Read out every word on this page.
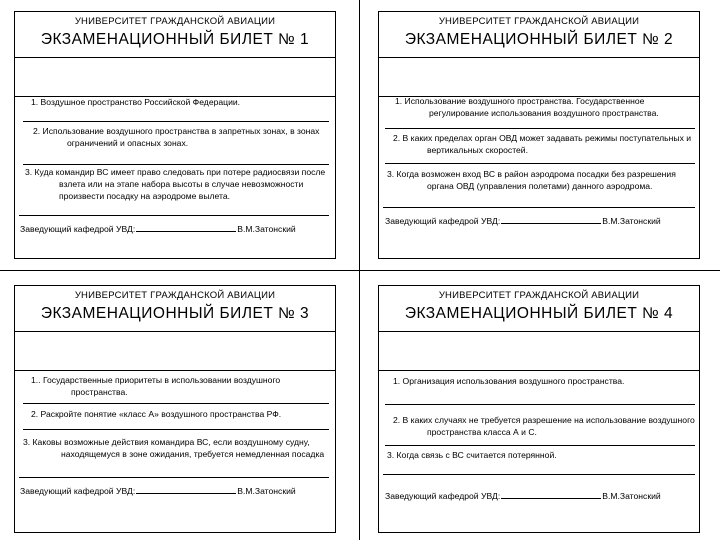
УНИВЕРСИТЕТ ГРАЖДАНСКОЙ АВИАЦИИ
ЭКЗАМЕНАЦИОННЫЙ БИЛЕТ № 1
1. Воздушное пространство Российской Федерации.
2. Использование воздушного пространства в запретных зонах, в зонах ограничений и опасных зонах.
3. Куда командир ВС имеет право следовать при потере радиосвязи после взлета или на этапе набора высоты в случае невозможности произвести посадку на аэродроме вылета.
Заведующий кафедрой УВД:	В.М.Затонский
УНИВЕРСИТЕТ ГРАЖДАНСКОЙ АВИАЦИИ
ЭКЗАМЕНАЦИОННЫЙ БИЛЕТ № 2
1. Использование воздушного пространства. Государственное регулирование использования воздушного пространства.
2. В каких пределах орган ОВД может задавать режимы поступательных и вертикальных скоростей.
3. Когда возможен вход ВС в район аэродрома посадки без разрешения органа ОВД (управления полетами) данного аэродрома.
Заведующий кафедрой УВД:	В.М.Затонский
УНИВЕРСИТЕТ ГРАЖДАНСКОЙ АВИАЦИИ
ЭКЗАМЕНАЦИОННЫЙ БИЛЕТ № 3
1.. Государственные приоритеты в использовании воздушного пространства.
2. Раскройте понятие «класс А» воздушного пространства РФ.
3. Каковы возможные действия командира ВС, если воздушному судну, находящемуся в зоне ожидания, требуется немедленная посадка
Заведующий кафедрой УВД:	В.М.Затонский
УНИВЕРСИТЕТ ГРАЖДАНСКОЙ АВИАЦИИ
ЭКЗАМЕНАЦИОННЫЙ БИЛЕТ № 4
1. Организация использования воздушного пространства.
2. В каких случаях не требуется разрешение на использование воздушного пространства класса А и С.
3. Когда связь с ВС считается потерянной.
Заведующий кафедрой УВД:	В.М.Затонский
